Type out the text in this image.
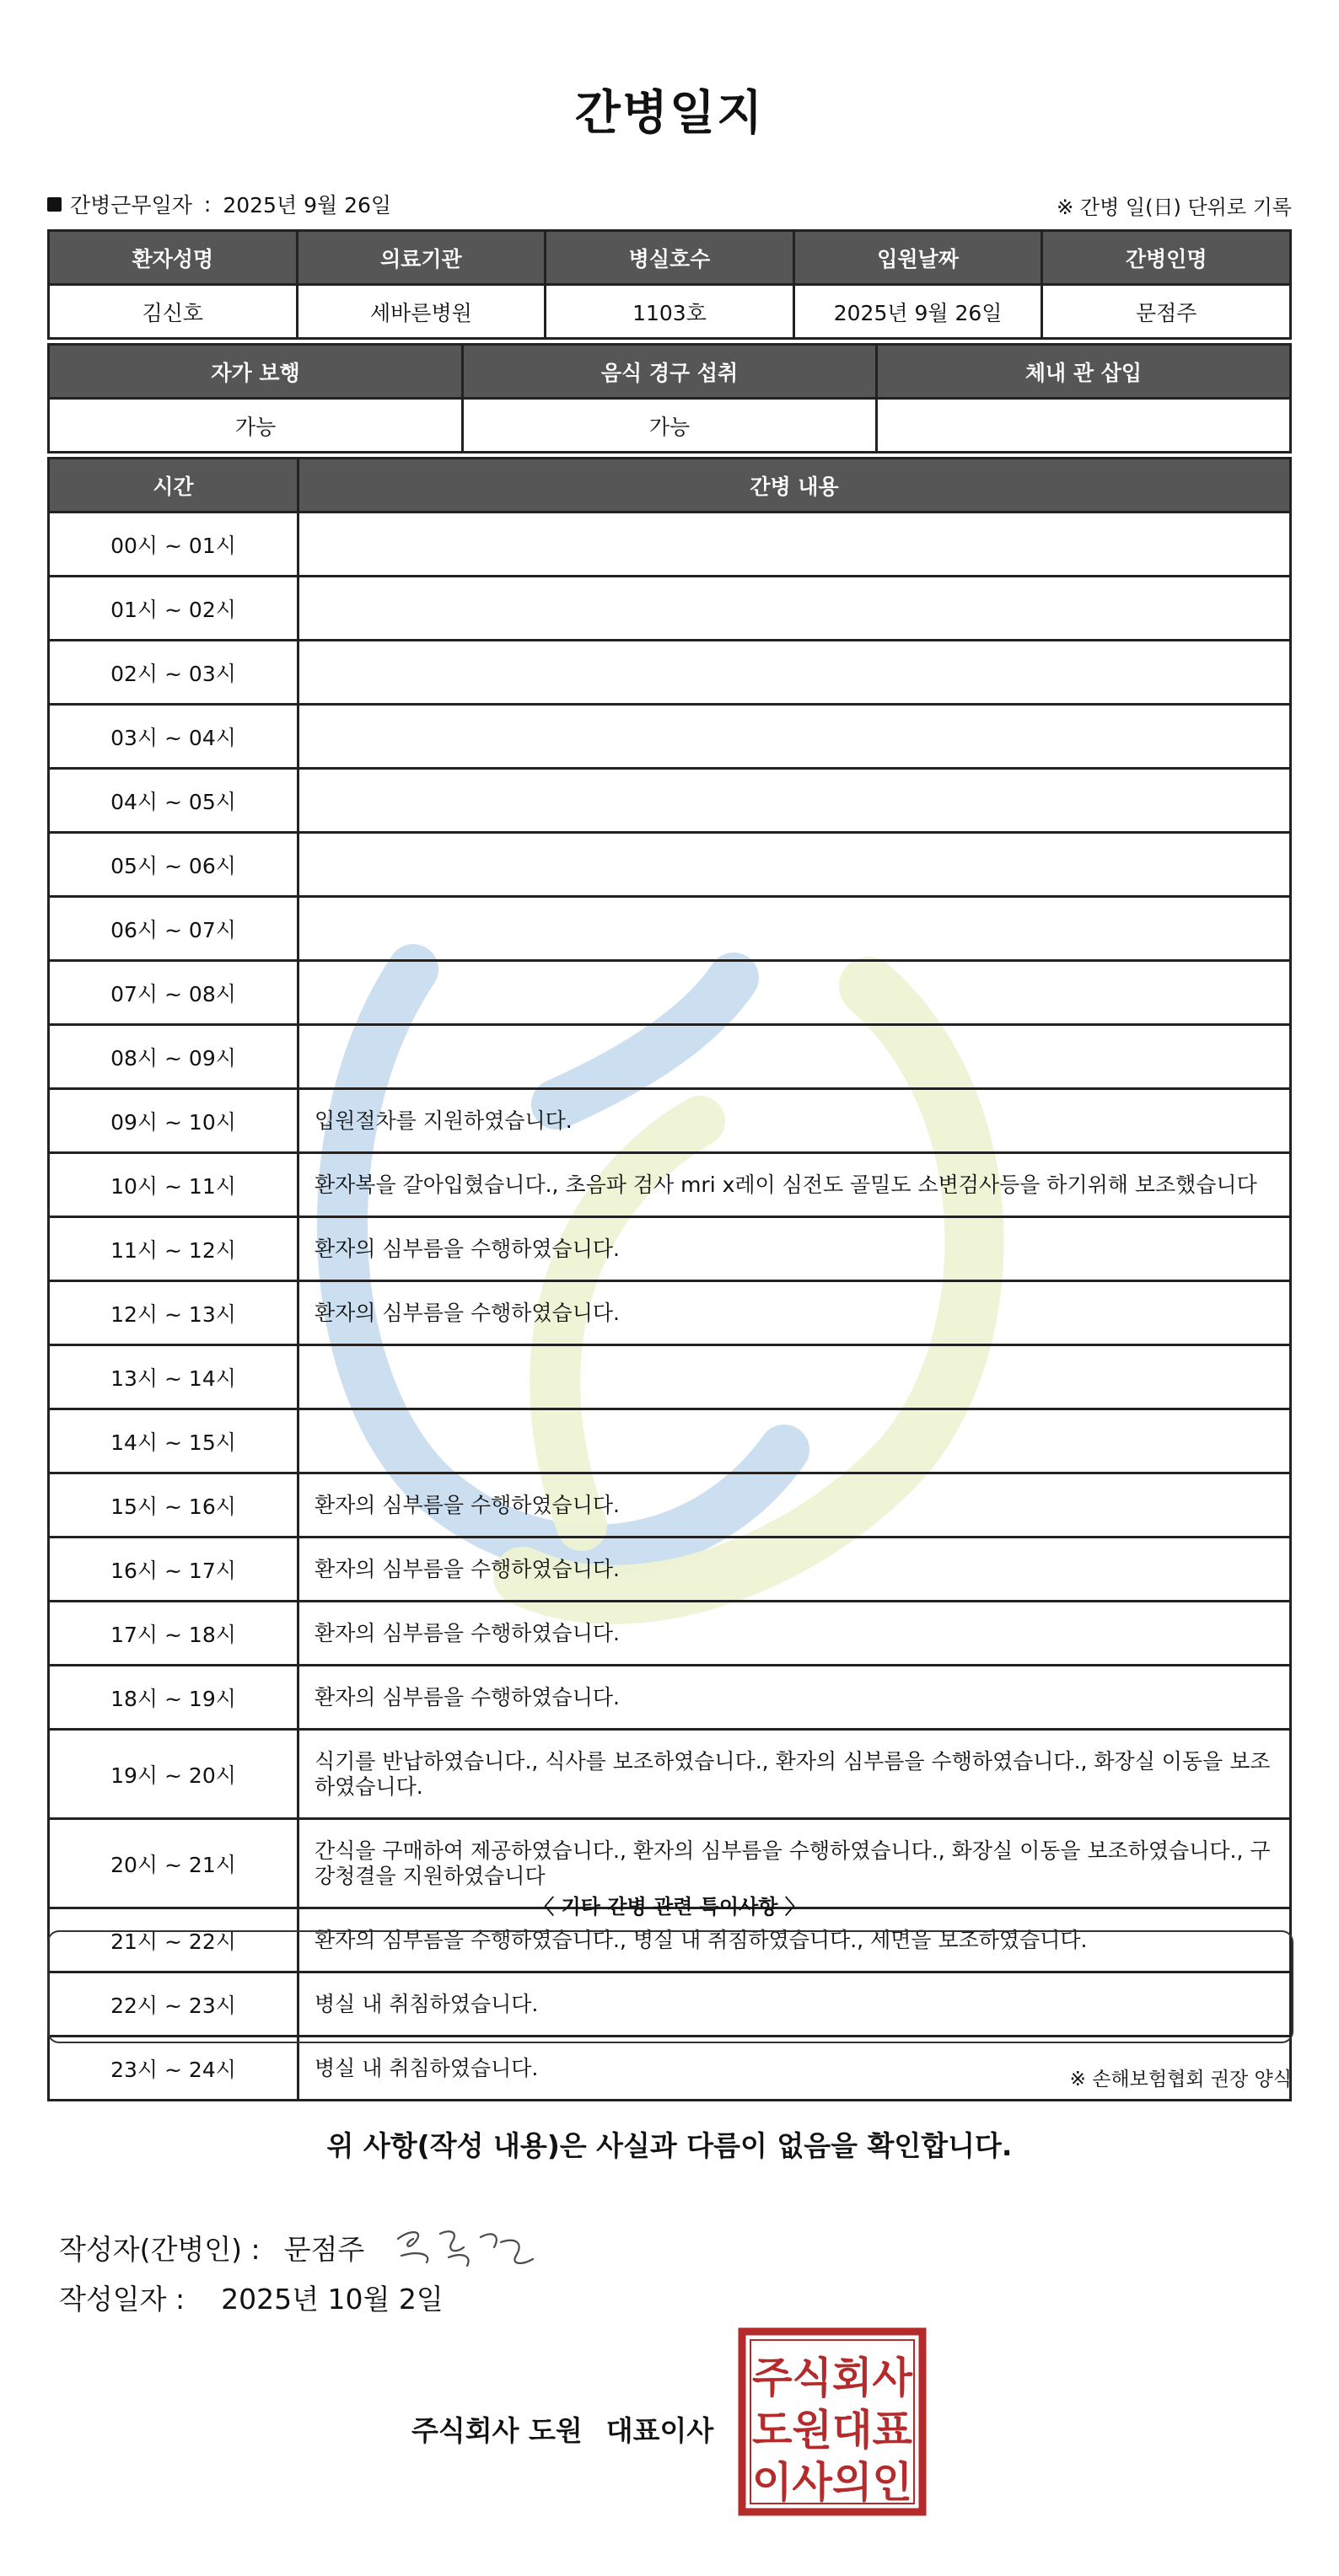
간병일지
간병근무일자 : 2025년 9월 26일	※ 간병 일(日) 단위로 기록
환자성명	의료기관	병실호수	입원날짜	간병인명
김신호	세바른병원	1103호	2025년 9월 26일	문점주
자가 보행	음식 경구 섭취	체내 관 삽입
가능	가능	
시간	간병 내용
00시 ~ 01시	
01시 ~ 02시	
02시 ~ 03시	
03시 ~ 04시	
04시 ~ 05시	
05시 ~ 06시	
06시 ~ 07시	
07시 ~ 08시	
08시 ~ 09시	
09시 ~ 10시	입원절차를 지원하였습니다.
10시 ~ 11시	환자복을 갈아입혔습니다., 초음파 검사 mri x레이 심전도 골밀도 소변검사등을 하기위해 보조했습니다
11시 ~ 12시	환자의 심부름을 수행하였습니다.
12시 ~ 13시	환자의 심부름을 수행하였습니다.
13시 ~ 14시	
14시 ~ 15시	
15시 ~ 16시	환자의 심부름을 수행하였습니다.
16시 ~ 17시	환자의 심부름을 수행하였습니다.
17시 ~ 18시	환자의 심부름을 수행하였습니다.
18시 ~ 19시	환자의 심부름을 수행하였습니다.
19시 ~ 20시	식기를 반납하였습니다., 식사를 보조하였습니다., 환자의 심부름을 수행하였습니다., 화장실 이동을 보조하였습니다.
20시 ~ 21시	간식을 구매하여 제공하였습니다., 환자의 심부름을 수행하였습니다., 화장실 이동을 보조하였습니다., 구강청결을 지원하였습니다
21시 ~ 22시	환자의 심부름을 수행하였습니다., 병실 내 취침하였습니다., 세면을 보조하였습니다.
22시 ~ 23시	병실 내 취침하였습니다.
23시 ~ 24시	병실 내 취침하였습니다.
〈 기타 간병 관련 특이사항 〉
※ 손해보험협회 권장 양식
위 사항(작성 내용)은 사실과 다름이 없음을 확인합니다.
작성자(간병인) : 문점주
작성일자 : 2025년 10월 2일
주식회사 도원 대표이사
주식회사
도원대표
이사의인
